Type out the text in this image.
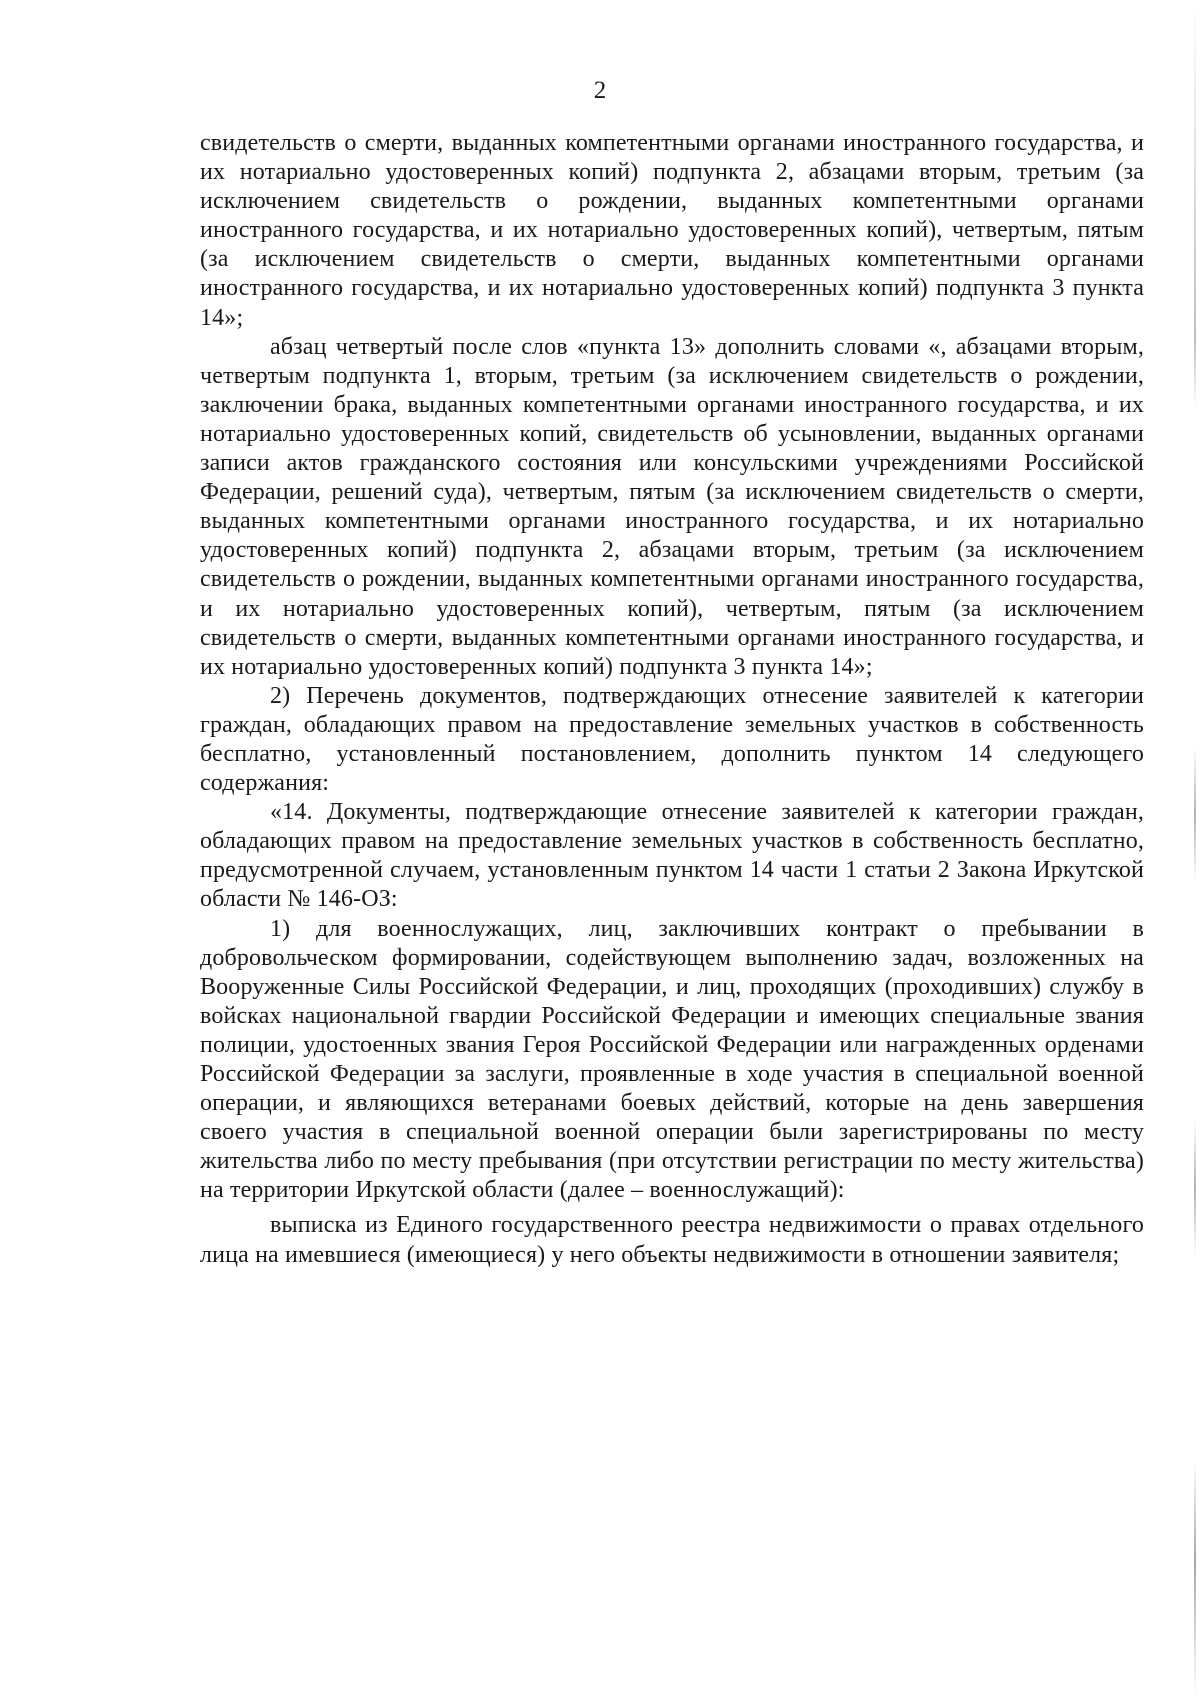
2

свидетельств о смерти, выданных компетентными органами иностранного государства, и их нотариально удостоверенных копий) подпункта 2, абзацами вторым, третьим (за исключением свидетельств о рождении, выданных компетентными органами иностранного государства, и их нотариально удостоверенных копий), четвертым, пятым (за исключением свидетельств о смерти, выданных компетентными органами иностранного государства, и их нотариально удостоверенных копий) подпункта 3 пункта 14»;

абзац четвертый после слов «пункта 13» дополнить словами «, абзацами вторым, четвертым подпункта 1, вторым, третьим (за исключением свидетельств о рождении, заключении брака, выданных компетентными органами иностранного государства, и их нотариально удостоверенных копий, свидетельств об усыновлении, выданных органами записи актов гражданского состояния или консульскими учреждениями Российской Федерации, решений суда), четвертым, пятым (за исключением свидетельств о смерти, выданных компетентными органами иностранного государства, и их нотариально удостоверенных копий) подпункта 2, абзацами вторым, третьим (за исключением свидетельств о рождении, выданных компетентными органами иностранного государства, и их нотариально удостоверенных копий), четвертым, пятым (за исключением свидетельств о смерти, выданных компетентными органами иностранного государства, и их нотариально удостоверенных копий) подпункта 3 пункта 14»;

2) Перечень документов, подтверждающих отнесение заявителей к категории граждан, обладающих правом на предоставление земельных участков в собственность бесплатно, установленный постановлением, дополнить пунктом 14 следующего содержания:

«14. Документы, подтверждающие отнесение заявителей к категории граждан, обладающих правом на предоставление земельных участков в собственность бесплатно, предусмотренной случаем, установленным пунктом 14 части 1 статьи 2 Закона Иркутской области № 146-ОЗ:

1) для военнослужащих, лиц, заключивших контракт о пребывании в добровольческом формировании, содействующем выполнению задач, возложенных на Вооруженные Силы Российской Федерации, и лиц, проходящих (проходивших) службу в войсках национальной гвардии Российской Федерации и имеющих специальные звания полиции, удостоенных звания Героя Российской Федерации или награжденных орденами Российской Федерации за заслуги, проявленные в ходе участия в специальной военной операции, и являющихся ветеранами боевых действий, которые на день завершения своего участия в специальной военной операции были зарегистрированы по месту жительства либо по месту пребывания (при отсутствии регистрации по месту жительства) на территории Иркутской области (далее – военнослужащий):

выписка из Единого государственного реестра недвижимости о правах отдельного лица на имевшиеся (имеющиеся) у него объекты недвижимости в отношении заявителя;
